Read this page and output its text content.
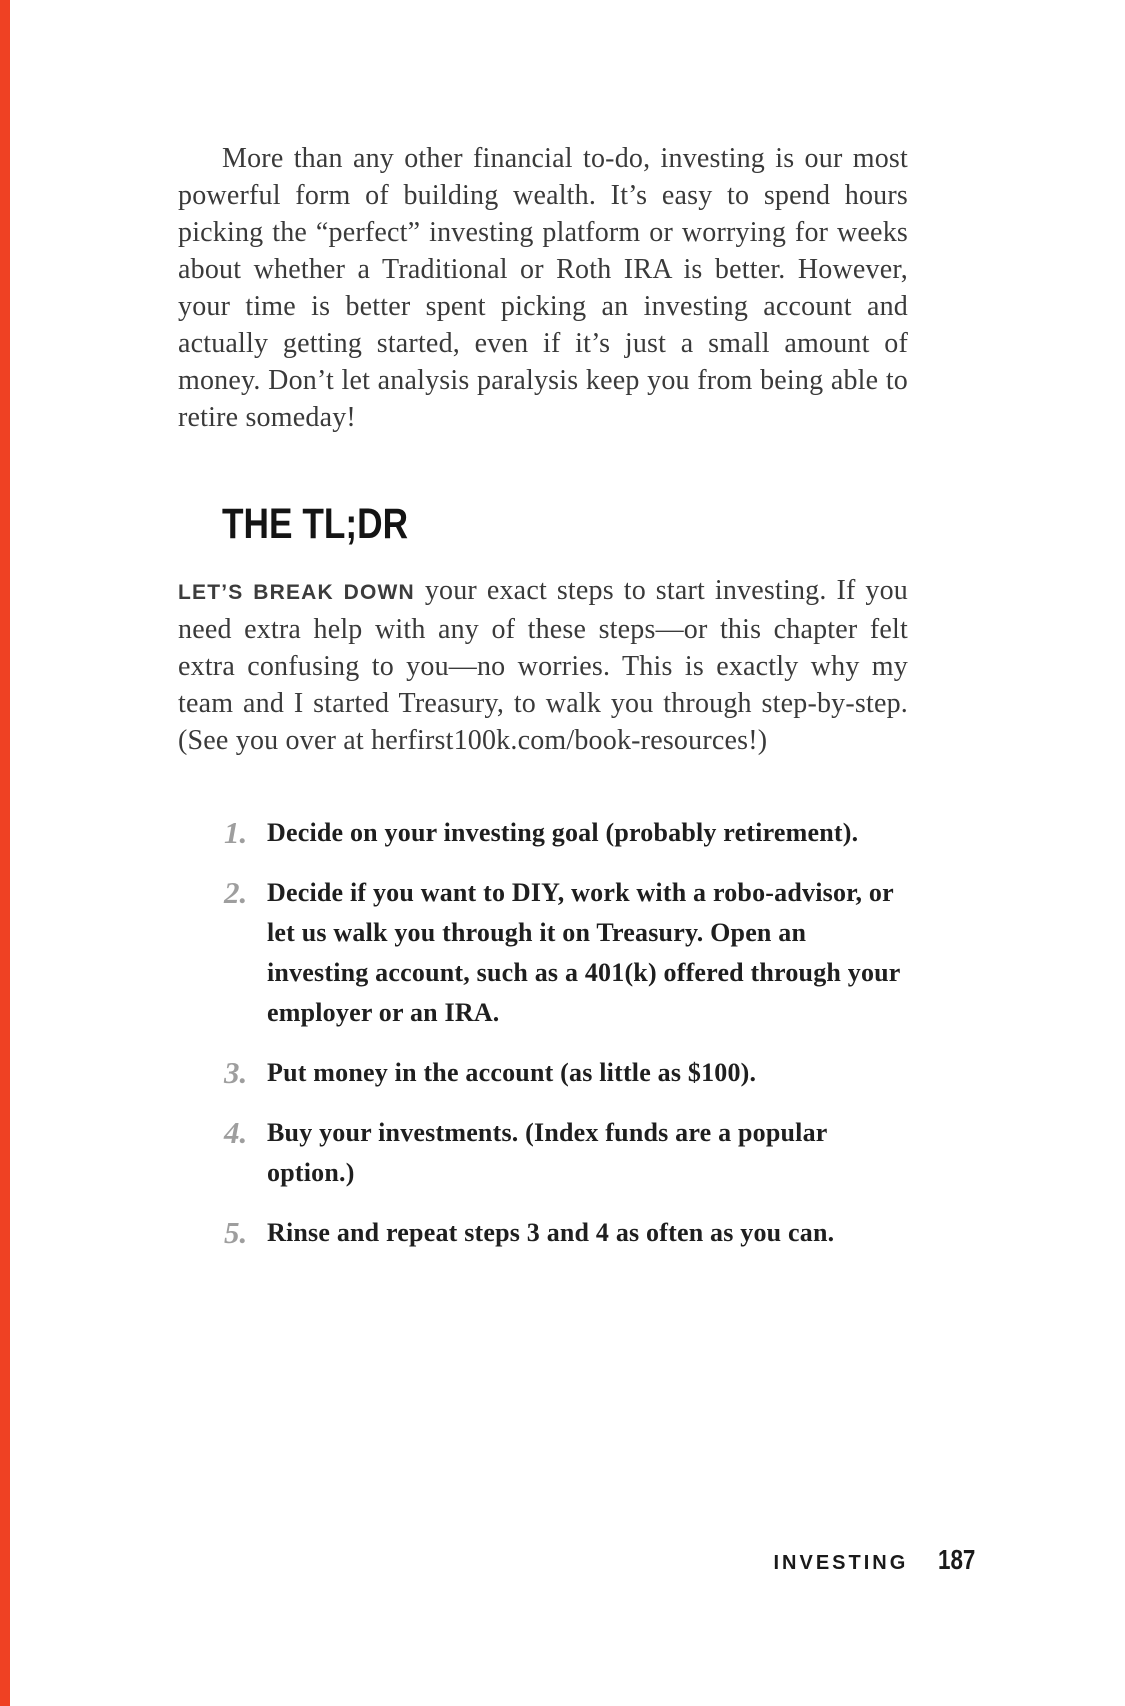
More than any other financial to-do, investing is our most powerful form of building wealth. It’s easy to spend hours picking the “perfect” investing platform or worrying for weeks about whether a Traditional or Roth IRA is better. However, your time is better spent picking an investing account and actually getting started, even if it’s just a small amount of money. Don’t let analysis paralysis keep you from being able to retire someday!

THE TL;DR

LET’S BREAK DOWN your exact steps to start investing. If you need extra help with any of these steps—or this chapter felt extra confusing to you—no worries. This is exactly why my team and I started Treasury, to walk you through step-by-step. (See you over at herfirst100k.com/book-resources!)

1. Decide on your investing goal (probably retirement).
2. Decide if you want to DIY, work with a robo-advisor, or let us walk you through it on Treasury. Open an investing account, such as a 401(k) offered through your employer or an IRA.
3. Put money in the account (as little as $100).
4. Buy your investments. (Index funds are a popular option.)
5. Rinse and repeat steps 3 and 4 as often as you can.
INVESTING 187
